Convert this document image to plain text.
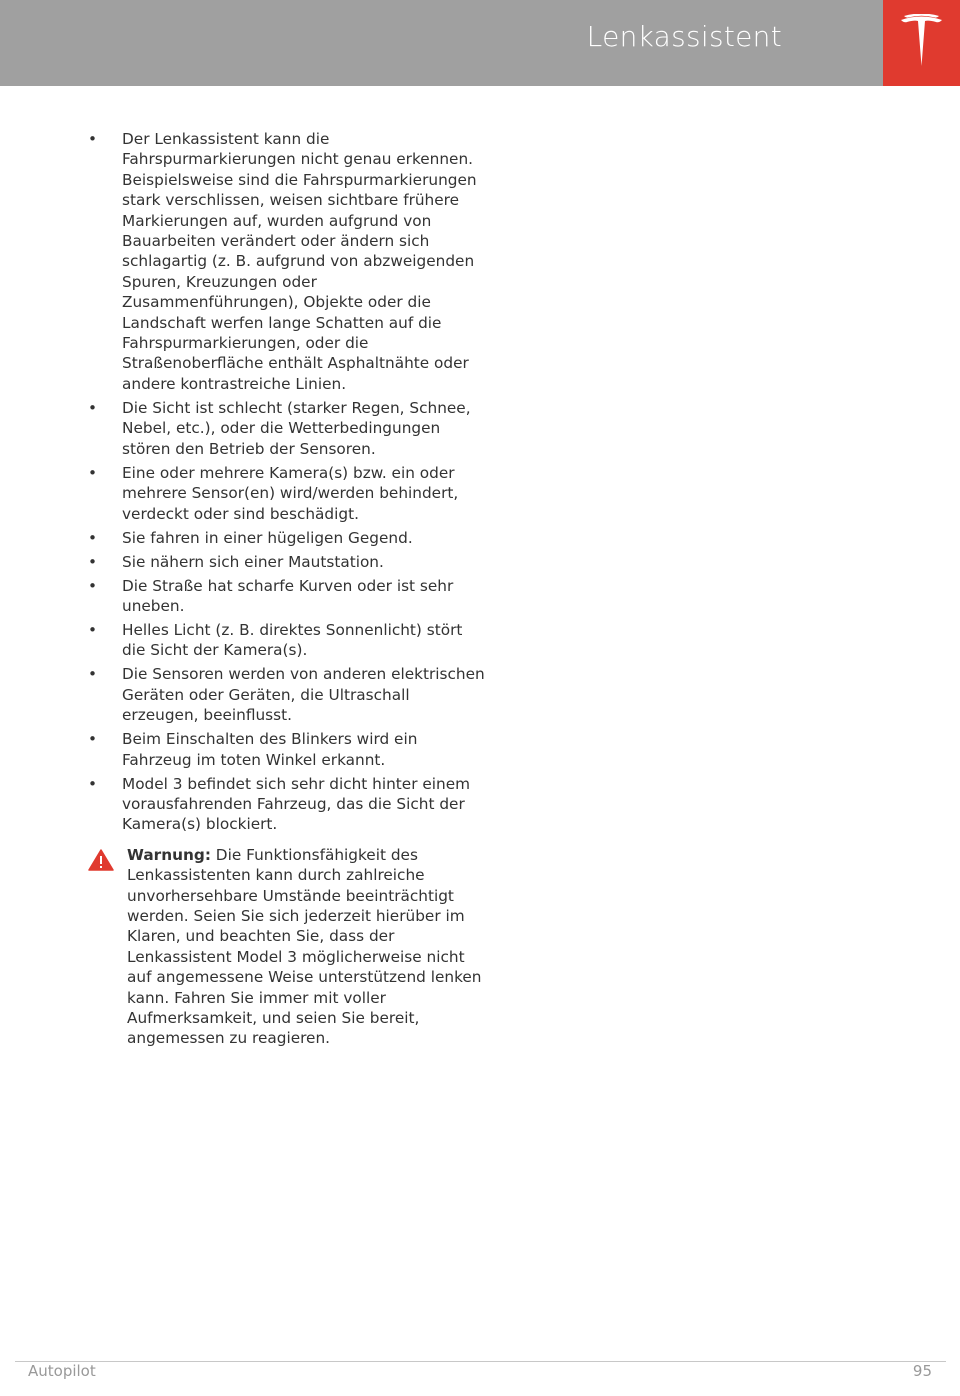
Lenkassistent
• Der Lenkassistent kann die Fahrspurmarkierungen nicht genau erkennen. Beispielsweise sind die Fahrspurmarkierungen stark verschlissen, weisen sichtbare frühere Markierungen auf, wurden aufgrund von Bauarbeiten verändert oder ändern sich schlagartig (z. B. aufgrund von abzweigenden Spuren, Kreuzungen oder Zusammenführungen), Objekte oder die Landschaft werfen lange Schatten auf die Fahrspurmarkierungen, oder die Straßenoberfläche enthält Asphaltnähte oder andere kontrastreiche Linien.
• Die Sicht ist schlecht (starker Regen, Schnee, Nebel, etc.), oder die Wetterbedingungen stören den Betrieb der Sensoren.
• Eine oder mehrere Kamera(s) bzw. ein oder mehrere Sensor(en) wird/werden behindert, verdeckt oder sind beschädigt.
• Sie fahren in einer hügeligen Gegend.
• Sie nähern sich einer Mautstation.
• Die Straße hat scharfe Kurven oder ist sehr uneben.
• Helles Licht (z. B. direktes Sonnenlicht) stört die Sicht der Kamera(s).
• Die Sensoren werden von anderen elektrischen Geräten oder Geräten, die Ultraschall erzeugen, beeinflusst.
• Beim Einschalten des Blinkers wird ein Fahrzeug im toten Winkel erkannt.
• Model 3 befindet sich sehr dicht hinter einem vorausfahrenden Fahrzeug, das die Sicht der Kamera(s) blockiert.
Warnung: Die Funktionsfähigkeit des Lenkassistenten kann durch zahlreiche unvorhersehbare Umstände beeinträchtigt werden. Seien Sie sich jederzeit hierüber im Klaren, und beachten Sie, dass der Lenkassistent Model 3 möglicherweise nicht auf angemessene Weise unterstützend lenken kann. Fahren Sie immer mit voller Aufmerksamkeit, und seien Sie bereit, angemessen zu reagieren.
Autopilot	95
